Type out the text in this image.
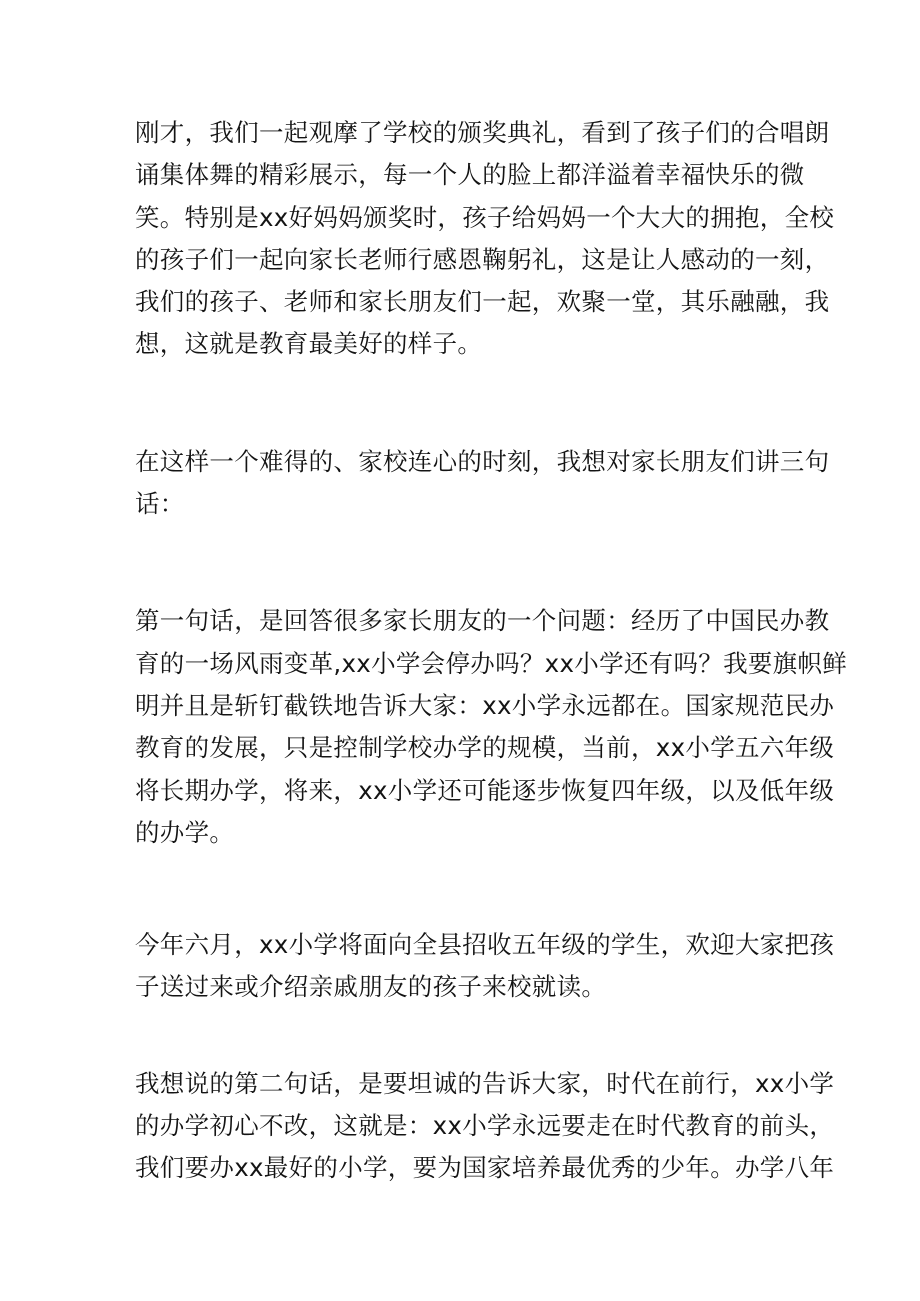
刚才，我们一起观摩了学校的颁奖典礼，看到了孩子们的合唱朗
诵集体舞的精彩展示，每一个人的脸上都洋溢着幸福快乐的微
笑。特别是xx好妈妈颁奖时，孩子给妈妈一个大大的拥抱，全校
的孩子们一起向家长老师行感恩鞠躬礼，这是让人感动的一刻，
我们的孩子、老师和家长朋友们一起，欢聚一堂，其乐融融，我
想，这就是教育最美好的样子。

在这样一个难得的、家校连心的时刻，我想对家长朋友们讲三句
话：

第一句话，是回答很多家长朋友的一个问题：经历了中国民办教
育的一场风雨变革,xx小学会停办吗？xx小学还有吗？我要旗帜鲜
明并且是斩钉截铁地告诉大家：xx小学永远都在。国家规范民办
教育的发展，只是控制学校办学的规模，当前，xx小学五六年级
将长期办学，将来，xx小学还可能逐步恢复四年级，以及低年级
的办学。

今年六月，xx小学将面向全县招收五年级的学生，欢迎大家把孩
子送过来或介绍亲戚朋友的孩子来校就读。

我想说的第二句话，是要坦诚的告诉大家，时代在前行，xx小学
的办学初心不改，这就是：xx小学永远要走在时代教育的前头，
我们要办xx最好的小学，要为国家培养最优秀的少年。办学八年
